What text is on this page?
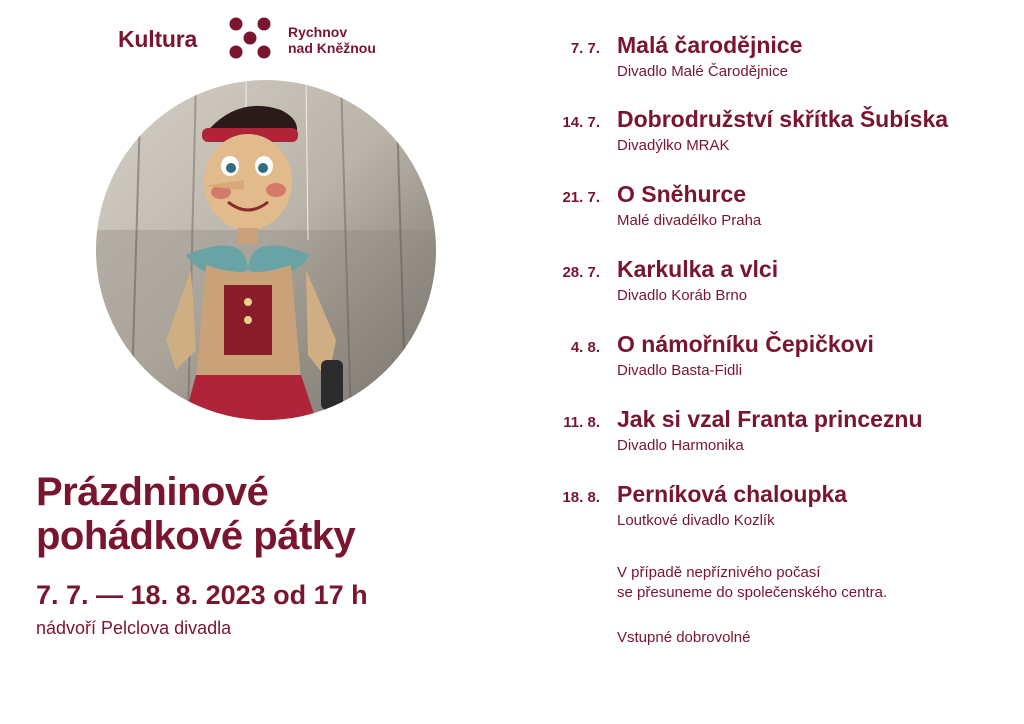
Kultura	Rychnov
nad Kněžnou
Prázdninové
pohádkové pátky
7. 7. — 18. 8. 2023 od 17 h
nádvoří Pelclova divadla
7. 7. Malá čarodějnice
Divadlo Malé Čarodějnice
14. 7. Dobrodružství skřítka Šubíska
Divadýlko MRAK
21. 7. O Sněhurce
Malé divadélko Praha
28. 7. Karkulka a vlci
Divadlo Koráb Brno
4. 8. O námořníku Čepičkovi
Divadlo Basta-Fidli
11. 8. Jak si vzal Franta princeznu
Divadlo Harmonika
18. 8. Perníková chaloupka
Loutkové divadlo Kozlík
V případě nepříznivého počasí
se přesuneme do společenského centra.
Vstupné dobrovolné
